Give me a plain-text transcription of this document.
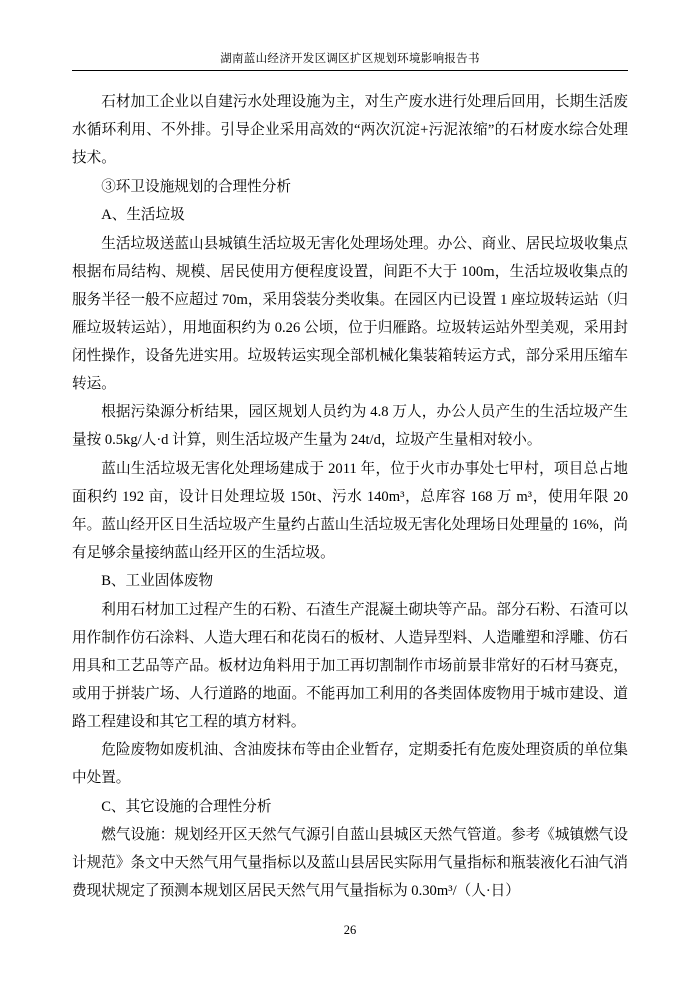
湖南蓝山经济开发区调区扩区规划环境影响报告书

石材加工企业以自建污水处理设施为主，对生产废水进行处理后回用，长期生活废水循环利用、不外排。引导企业采用高效的“两次沉淀+污泥浓缩”的石材废水综合处理技术。

③环卫设施规划的合理性分析

A、生活垃圾

生活垃圾送蓝山县城镇生活垃圾无害化处理场处理。办公、商业、居民垃圾收集点根据布局结构、规模、居民使用方便程度设置，间距不大于 100m，生活垃圾收集点的服务半径一般不应超过 70m，采用袋装分类收集。在园区内已设置 1 座垃圾转运站（归雁垃圾转运站），用地面积约为 0.26 公顷，位于归雁路。垃圾转运站外型美观，采用封闭性操作，设备先进实用。垃圾转运实现全部机械化集装箱转运方式，部分采用压缩车转运。

根据污染源分析结果，园区规划人员约为 4.8 万人，办公人员产生的生活垃圾产生量按 0.5kg/人·d 计算，则生活垃圾产生量为 24t/d，垃圾产生量相对较小。

蓝山生活垃圾无害化处理场建成于 2011 年，位于火市办事处七甲村，项目总占地面积约 192 亩，设计日处理垃圾 150t、污水 140m³，总库容 168 万 m³，使用年限 20 年。蓝山经开区日生活垃圾产生量约占蓝山生活垃圾无害化处理场日处理量的 16%，尚有足够余量接纳蓝山经开区的生活垃圾。

B、工业固体废物

利用石材加工过程产生的石粉、石渣生产混凝土砌块等产品。部分石粉、石渣可以用作制作仿石涂料、人造大理石和花岗石的板材、人造异型料、人造雕塑和浮雕、仿石用具和工艺品等产品。板材边角料用于加工再切割制作市场前景非常好的石材马赛克，或用于拼装广场、人行道路的地面。不能再加工利用的各类固体废物用于城市建设、道路工程建设和其它工程的填方材料。

危险废物如废机油、含油废抹布等由企业暂存，定期委托有危废处理资质的单位集中处置。

C、其它设施的合理性分析

燃气设施：规划经开区天然气气源引自蓝山县城区天然气管道。参考《城镇燃气设计规范》条文中天然气用气量指标以及蓝山县居民实际用气量指标和瓶装液化石油气消费现状规定了预测本规划区居民天然气用气量指标为 0.30m³/（人·日）

26
